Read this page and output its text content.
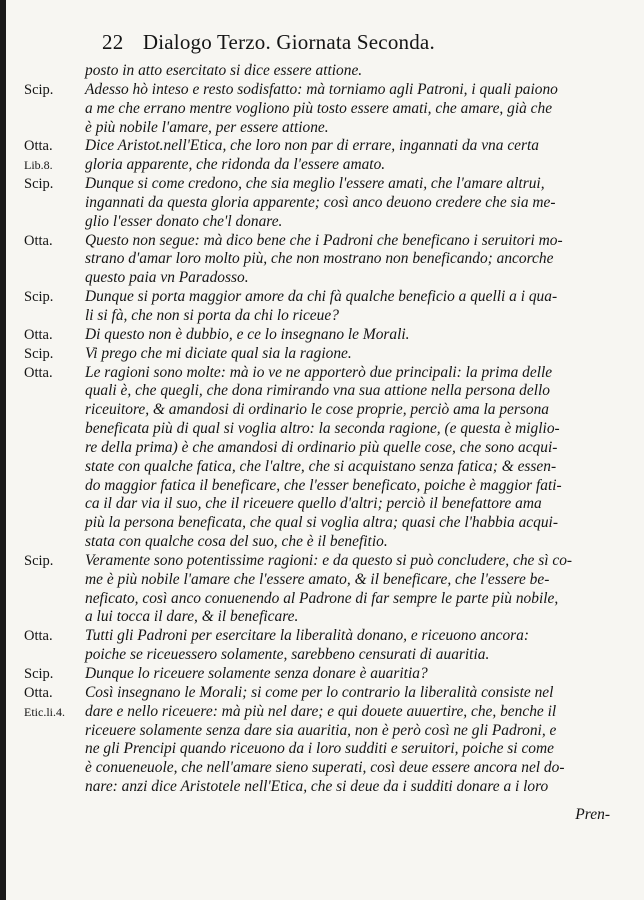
22 Dialogo Terzo. Giornata Seconda.
posto in atto esercitato si dice essere attione.
Scip.	Adesso hò inteso e resto sodisfatto: mà torniamo agli Patroni, i quali paiono
a me che errano mentre vogliono più tosto essere amati, che amare, già che
è più nobile l'amare, per essere attione.
Otta.	Dice Aristot.nell'Etica, che loro non par di errare, ingannati da vna certa
Lib.8.	gloria apparente, che ridonda da l'essere amato.
Scip.	Dunque si come credono, che sia meglio l'essere amati, che l'amare altrui,
ingannati da questa gloria apparente; così anco deuono credere che sia me-
glio l'esser donato che'l donare.
Otta.	Questo non segue: mà dico bene che i Padroni che beneficano i seruitori mo-
strano d'amar loro molto più, che non mostrano non beneficando; ancorche
questo paia vn Paradosso.
Scip.	Dunque si porta maggior amore da chi fà qualche beneficio a quelli a i qua-
li si fà, che non si porta da chi lo riceue?
Otta.	Di questo non è dubbio, e ce lo insegnano le Morali.
Scip.	Vi prego che mi diciate qual sia la ragione.
Otta.	Le ragioni sono molte: mà io ve ne apporterò due principali: la prima delle
quali è, che quegli, che dona rimirando vna sua attione nella persona dello
riceuitore, & amandosi di ordinario le cose proprie, perciò ama la persona
beneficata più di qual si voglia altro: la seconda ragione, (e questa è miglio-
re della prima) è che amandosi di ordinario più quelle cose, che sono acqui-
state con qualche fatica, che l'altre, che si acquistano senza fatica; & essen-
do maggior fatica il beneficare, che l'esser beneficato, poiche è maggior fati-
ca il dar via il suo, che il riceuere quello d'altri; perciò il benefattore ama
più la persona beneficata, che qual si voglia altra; quasi che l'habbia acqui-
stata con qualche cosa del suo, che è il benefitio.
Scip.	Veramente sono potentissime ragioni: e da questo si può concludere, che sì co-
me è più nobile l'amare che l'essere amato, & il beneficare, che l'essere be-
neficato, così anco conuenendo al Padrone di far sempre le parte più nobile,
a lui tocca il dare, & il beneficare.
Otta.	Tutti gli Padroni per esercitare la liberalità donano, e riceuono ancora:
poiche se riceuessero solamente, sarebbeno censurati di auaritia.
Scip.	Dunque lo riceuere solamente senza donare è auaritia?
Otta.	Così insegnano le Morali; si come per lo contrario la liberalità consiste nel
Etic.li.4.	dare e nello riceuere: mà più nel dare; e qui douete auuertire, che, benche il
riceuere solamente senza dare sia auaritia, non è però così ne gli Padroni, e
ne gli Prencipi quando riceuono da i loro sudditi e seruitori, poiche si come
è conueneuole, che nell'amare sieno superati, così deue essere ancora nel do-
nare: anzi dice Aristotele nell'Etica, che si deue da i sudditi donare a i loro
Pren-
